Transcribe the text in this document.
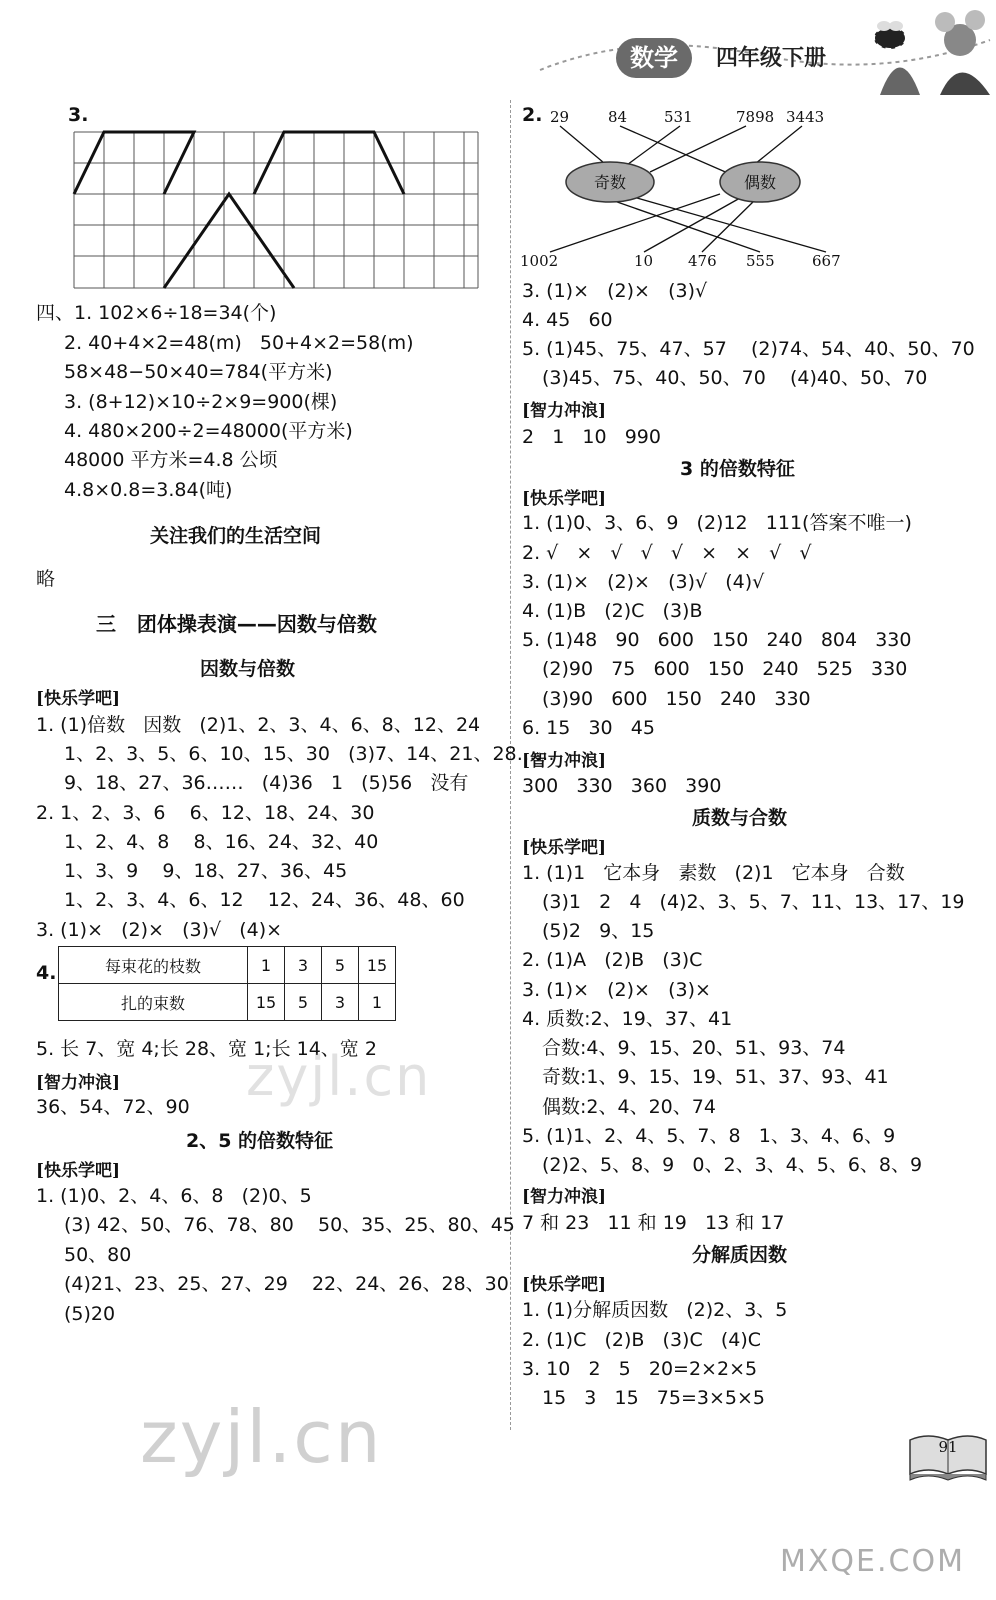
数学	四年级下册
3.
四、1. 102×6÷18=34(个)
2. 40+4×2=48(m)   50+4×2=58(m)
58×48−50×40=784(平方米)
3. (8+12)×10÷2×9=900(棵)
4. 480×200÷2=48000(平方米)
48000 平方米=4.8 公顷
4.8×0.8=3.84(吨)
关注我们的生活空间
略
三   团体操表演——因数与倍数
因数与倍数
[快乐学吧]
1. (1)倍数   因数   (2)1、2、3、4、6、8、12、24
1、2、3、5、6、10、15、30   (3)7、14、21、28……
9、18、27、36……   (4)36   1   (5)56   没有
2. 1、2、3、6    6、12、18、24、30
1、2、4、8    8、16、24、32、40
1、3、9    9、18、27、36、45
1、2、3、4、6、12    12、24、36、48、60
3. (1)×   (2)×   (3)√   (4)×
4.	每束花的枝数	1	3	5	15
扎的束数	15	5	3	1
5. 长 7、宽 4;长 28、宽 1;长 14、宽 2
[智力冲浪]
36、54、72、90
2、5 的倍数特征
[快乐学吧]
1. (1)0、2、4、6、8   (2)0、5
(3) 42、50、76、78、80    50、35、25、80、45
50、80
(4)21、23、25、27、29    22、24、26、28、30
(5)20
zyjl.cn
zyjl.cn
2. 29	84 531	7898 3443
1002	10 476 555 667
奇数	偶数
3. (1)×   (2)×   (3)√
4. 45   60
5. (1)45、75、47、57    (2)74、54、40、50、70
(3)45、75、40、50、70    (4)40、50、70
[智力冲浪]
2   1   10   990
3 的倍数特征
[快乐学吧]
1. (1)0、3、6、9   (2)12   111(答案不唯一)
2. √   ×   √   √   √   ×   ×   √   √
3. (1)×   (2)×   (3)√   (4)√
4. (1)B   (2)C   (3)B
5. (1)48   90   600   150   240   804   330
(2)90   75   600   150   240   525   330
(3)90   600   150   240   330
6. 15   30   45
[智力冲浪]
300   330   360   390
质数与合数
[快乐学吧]
1. (1)1   它本身   素数   (2)1   它本身   合数
(3)1   2   4   (4)2、3、5、7、11、13、17、19
(5)2   9、15
2. (1)A   (2)B   (3)C
3. (1)×   (2)×   (3)×
4. 质数:2、19、37、41
合数:4、9、15、20、51、93、74
奇数:1、9、15、19、51、37、93、41
偶数:2、4、20、74
5. (1)1、2、4、5、7、8   1、3、4、6、9
(2)2、5、8、9   0、2、3、4、5、6、8、9
[智力冲浪]
7 和 23   11 和 19   13 和 17
分解质因数
[快乐学吧]
1. (1)分解质因数   (2)2、3、5
2. (1)C   (2)B   (3)C   (4)C
3. 10   2   5   20=2×2×5
15   3   15   75=3×5×5
91
MXQE.COM
